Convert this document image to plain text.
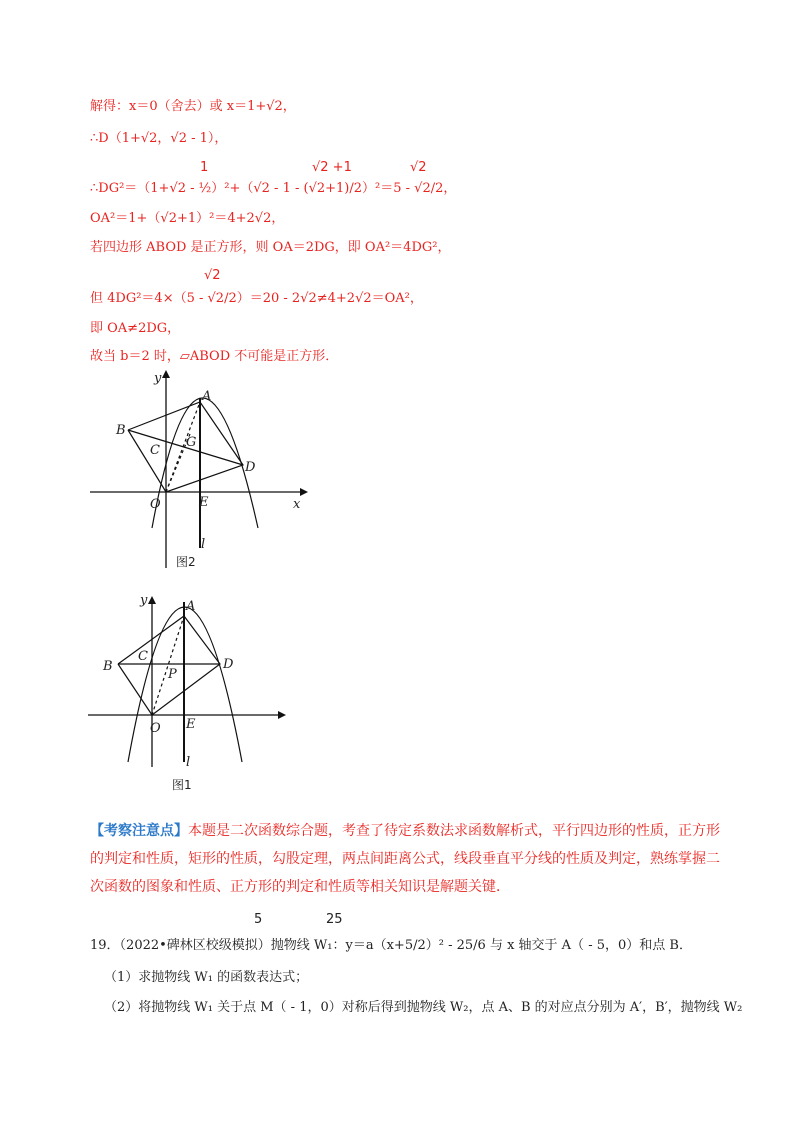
解得：x＝0（舍去）或 x＝1+√2，
∴D（1+√2，√2 - 1），
1	√2 +1	√2
∴DG²＝（1+√2 - ½）²+（√2 - 1 - (√2+1)/2）²＝5 - √2/2，
OA²＝1+（√2+1）²＝4+2√2，
若四边形 ABOD 是正方形，则 OA＝2DG，即 OA²＝4DG²，
√2
但 4DG²＝4×（5 - √2/2）＝20 - 2√2≠4+2√2＝OA²，
即 OA≠2DG，
故当 b＝2 时，▱ABOD 不可能是正方形．
y
x
A
B
C
G
D
O	E
l
图2
y	A
B
C
P
D
O E
l
图1
【考察注意点】本题是二次函数综合题，考查了待定系数法求函数解析式，平行四边形的性质，正方形的判定和性质，矩形的性质，勾股定理，两点间距离公式，线段垂直平分线的性质及判定，熟练掌握二次函数的图象和性质、正方形的判定和性质等相关知识是解题关键．
5	25
19．（2022•碑林区校级模拟）抛物线 W₁：y＝a（x+5/2）² - 25/6 与 x 轴交于 A（ - 5，0）和点 B．
（1）求抛物线 W₁ 的函数表达式；
（2）将抛物线 W₁ 关于点 M（ - 1，0）对称后得到抛物线 W₂，点 A、B 的对应点分别为 A′，B′，抛物线 W₂
